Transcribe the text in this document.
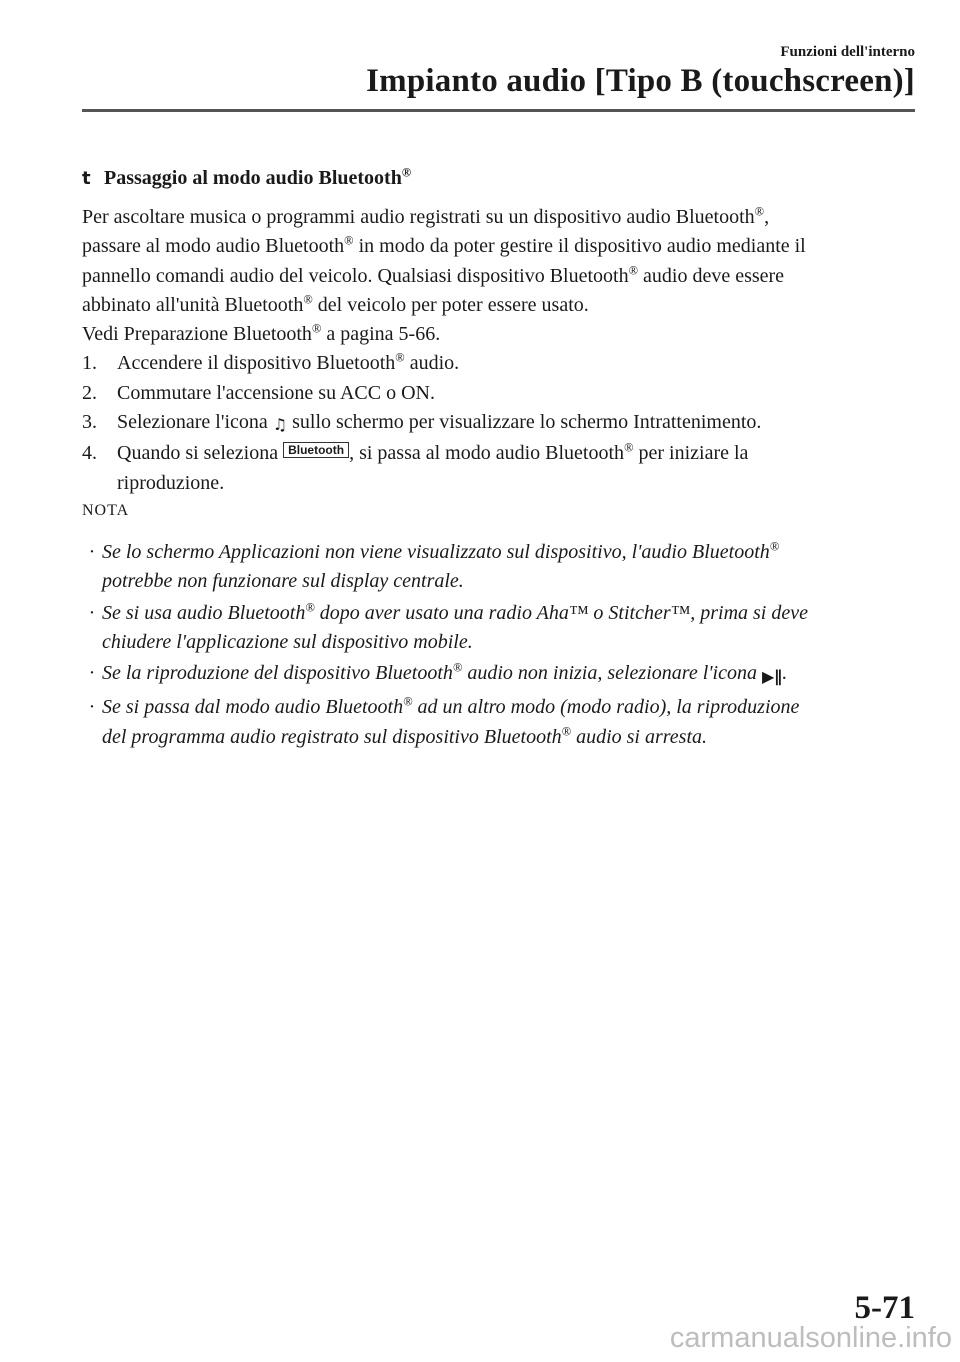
Funzioni dell'interno
Impianto audio [Tipo B (touchscreen)]
t Passaggio al modo audio Bluetooth®
Per ascoltare musica o programmi audio registrati su un dispositivo audio Bluetooth®,
passare al modo audio Bluetooth® in modo da poter gestire il dispositivo audio mediante il
pannello comandi audio del veicolo. Qualsiasi dispositivo Bluetooth® audio deve essere
abbinato all'unità Bluetooth® del veicolo per poter essere usato.
Vedi Preparazione Bluetooth® a pagina 5-66.
1.	Accendere il dispositivo Bluetooth® audio.
2.	Commutare l'accensione su ACC o ON.
3.	Selezionare l'icona ♫ sullo schermo per visualizzare lo schermo Intrattenimento.
4.	Quando si seleziona Bluetooth , si passa al modo audio Bluetooth® per iniziare la
riproduzione.
NOTA
· Se lo schermo Applicazioni non viene visualizzato sul dispositivo, l'audio Bluetooth®
potrebbe non funzionare sul display centrale.
· Se si usa audio Bluetooth® dopo aver usato una radio Aha™ o Stitcher™, prima si deve
chiudere l'applicazione sul dispositivo mobile.
· Se la riproduzione del dispositivo Bluetooth® audio non inizia, selezionare l'icona ▶∥.
· Se si passa dal modo audio Bluetooth® ad un altro modo (modo radio), la riproduzione
del programma audio registrato sul dispositivo Bluetooth® audio si arresta.
5-71
carmanualsonline.info
